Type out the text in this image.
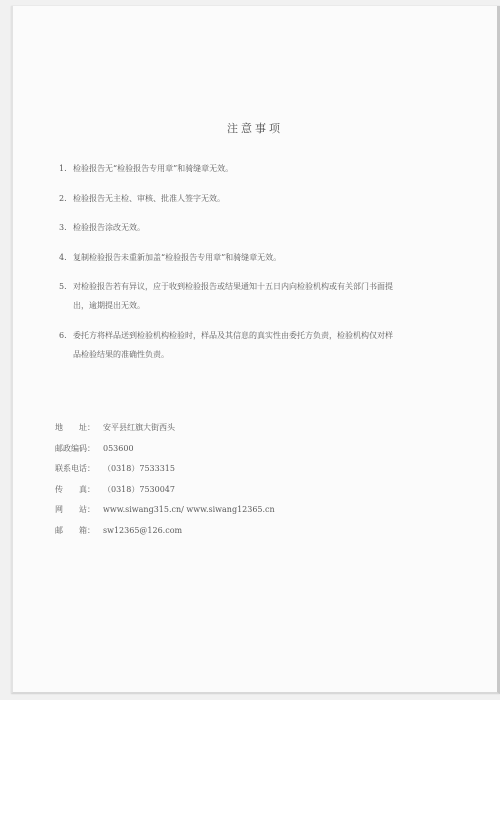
注意事项
1. 检验报告无“检验报告专用章”和骑缝章无效。
2. 检验报告无主检、审核、批准人签字无效。
3. 检验报告涂改无效。
4. 复制检验报告未重新加盖“检验报告专用章”和骑缝章无效。
5. 对检验报告若有异议，应于收到检验报告或结果通知十五日内向检验机构或有关部门书面提
出，逾期提出无效。
6. 委托方将样品送到检验机构检验时，样品及其信息的真实性由委托方负责，检验机构仅对样
品检验结果的准确性负责。
地　　址： 安平县红旗大街西头
邮政编码： 053600
联系电话： （0318）7533315
传　　真： （0318）7530047
网　　站： www.siwang315.cn/ www.siwang12365.cn
邮　　箱： sw12365@126.com
